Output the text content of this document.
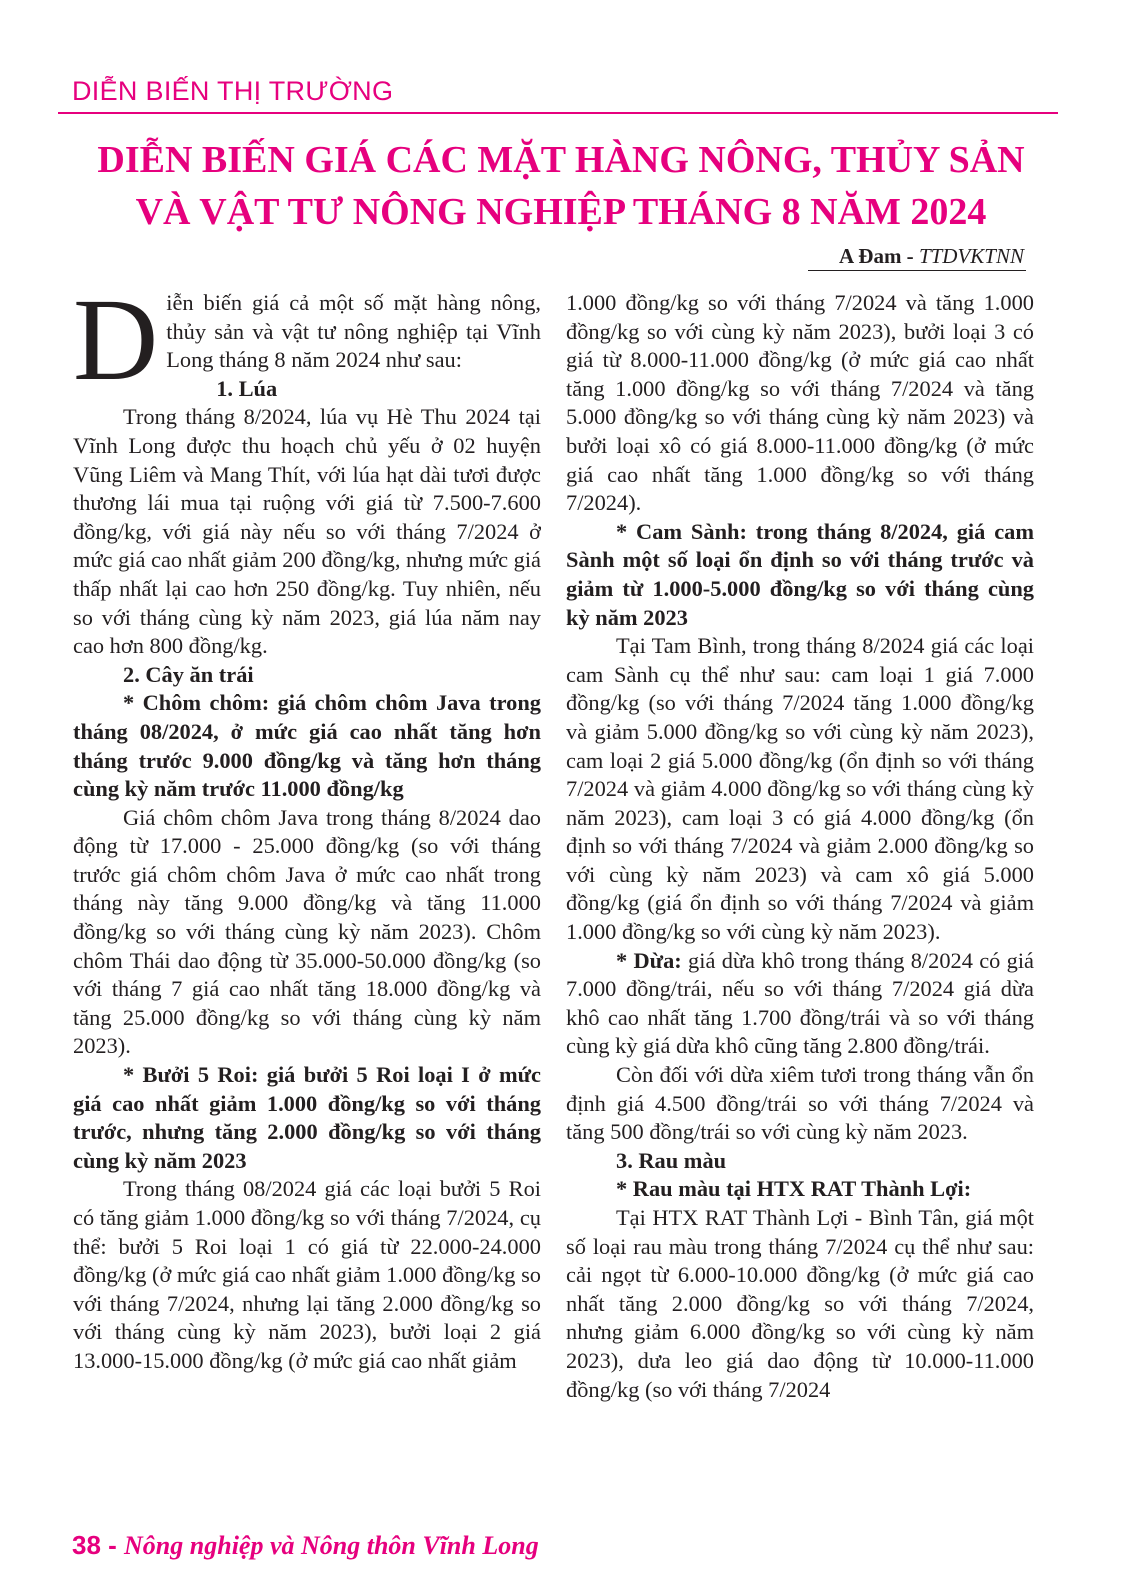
DIỄN BIẾN THỊ TRƯỜNG
DIỄN BIẾN GIÁ CÁC MẶT HÀNG NÔNG, THỦY SẢN
VÀ VẬT TƯ NÔNG NGHIỆP THÁNG 8 NĂM 2024
A Đam - TTDVKTNN

Diễn biến giá cả một số mặt hàng nông, thủy sản và vật tư nông nghiệp tại Vĩnh Long tháng 8 năm 2024 như sau:

1. Lúa

Trong tháng 8/2024, lúa vụ Hè Thu 2024 tại Vĩnh Long được thu hoạch chủ yếu ở 02 huyện Vũng Liêm và Mang Thít, với lúa hạt dài tươi được thương lái mua tại ruộng với giá từ 7.500-7.600 đồng/kg, với giá này nếu so với tháng 7/2024 ở mức giá cao nhất giảm 200 đồng/kg, nhưng mức giá thấp nhất lại cao hơn 250 đồng/kg. Tuy nhiên, nếu so với tháng cùng kỳ năm 2023, giá lúa năm nay cao hơn 800 đồng/kg.

2. Cây ăn trái

* Chôm chôm: giá chôm chôm Java trong tháng 08/2024, ở mức giá cao nhất tăng hơn tháng trước 9.000 đồng/kg và tăng hơn tháng cùng kỳ năm trước 11.000 đồng/kg

Giá chôm chôm Java trong tháng 8/2024 dao động từ 17.000 - 25.000 đồng/kg (so với tháng trước giá chôm chôm Java ở mức cao nhất trong tháng này tăng 9.000 đồng/kg và tăng 11.000 đồng/kg so với tháng cùng kỳ năm 2023). Chôm chôm Thái dao động từ 35.000-50.000 đồng/kg (so với tháng 7 giá cao nhất tăng 18.000 đồng/kg và tăng 25.000 đồng/kg so với tháng cùng kỳ năm 2023).

* Bưởi 5 Roi: giá bưởi 5 Roi loại I ở mức giá cao nhất giảm 1.000 đồng/kg so với tháng trước, nhưng tăng 2.000 đồng/kg so với tháng cùng kỳ năm 2023

Trong tháng 08/2024 giá các loại bưởi 5 Roi có tăng giảm 1.000 đồng/kg so với tháng 7/2024, cụ thể: bưởi 5 Roi loại 1 có giá từ 22.000-24.000 đồng/kg (ở mức giá cao nhất giảm 1.000 đồng/kg so với tháng 7/2024, nhưng lại tăng 2.000 đồng/kg so với tháng cùng kỳ năm 2023), bưởi loại 2 giá 13.000-15.000 đồng/kg (ở mức giá cao nhất giảm

1.000 đồng/kg so với tháng 7/2024 và tăng 1.000 đồng/kg so với cùng kỳ năm 2023), bưởi loại 3 có giá từ 8.000-11.000 đồng/kg (ở mức giá cao nhất tăng 1.000 đồng/kg so với tháng 7/2024 và tăng 5.000 đồng/kg so với tháng cùng kỳ năm 2023) và bưởi loại xô có giá 8.000-11.000 đồng/kg (ở mức giá cao nhất tăng 1.000 đồng/kg so với tháng 7/2024).

* Cam Sành: trong tháng 8/2024, giá cam Sành một số loại ổn định so với tháng trước và giảm từ 1.000-5.000 đồng/kg so với tháng cùng kỳ năm 2023

Tại Tam Bình, trong tháng 8/2024 giá các loại cam Sành cụ thể như sau: cam loại 1 giá 7.000 đồng/kg (so với tháng 7/2024 tăng 1.000 đồng/kg và giảm 5.000 đồng/kg so với cùng kỳ năm 2023), cam loại 2 giá 5.000 đồng/kg (ổn định so với tháng 7/2024 và giảm 4.000 đồng/kg so với tháng cùng kỳ năm 2023), cam loại 3 có giá 4.000 đồng/kg (ổn định so với tháng 7/2024 và giảm 2.000 đồng/kg so với cùng kỳ năm 2023) và cam xô giá 5.000 đồng/kg (giá ổn định so với tháng 7/2024 và giảm 1.000 đồng/kg so với cùng kỳ năm 2023).

* Dừa: giá dừa khô trong tháng 8/2024 có giá 7.000 đồng/trái, nếu so với tháng 7/2024 giá dừa khô cao nhất tăng 1.700 đồng/trái và so với tháng cùng kỳ giá dừa khô cũng tăng 2.800 đồng/trái.

Còn đối với dừa xiêm tươi trong tháng vẫn ổn định giá 4.500 đồng/trái so với tháng 7/2024 và tăng 500 đồng/trái so với cùng kỳ năm 2023.

3. Rau màu

* Rau màu tại HTX RAT Thành Lợi:

Tại HTX RAT Thành Lợi - Bình Tân, giá một số loại rau màu trong tháng 7/2024 cụ thể như sau: cải ngọt từ 6.000-10.000 đồng/kg (ở mức giá cao nhất tăng 2.000 đồng/kg so với tháng 7/2024, nhưng giảm 6.000 đồng/kg so với cùng kỳ năm 2023), dưa leo giá dao động từ 10.000-11.000 đồng/kg (so với tháng 7/2024

38 - Nông nghiệp và Nông thôn Vĩnh Long
